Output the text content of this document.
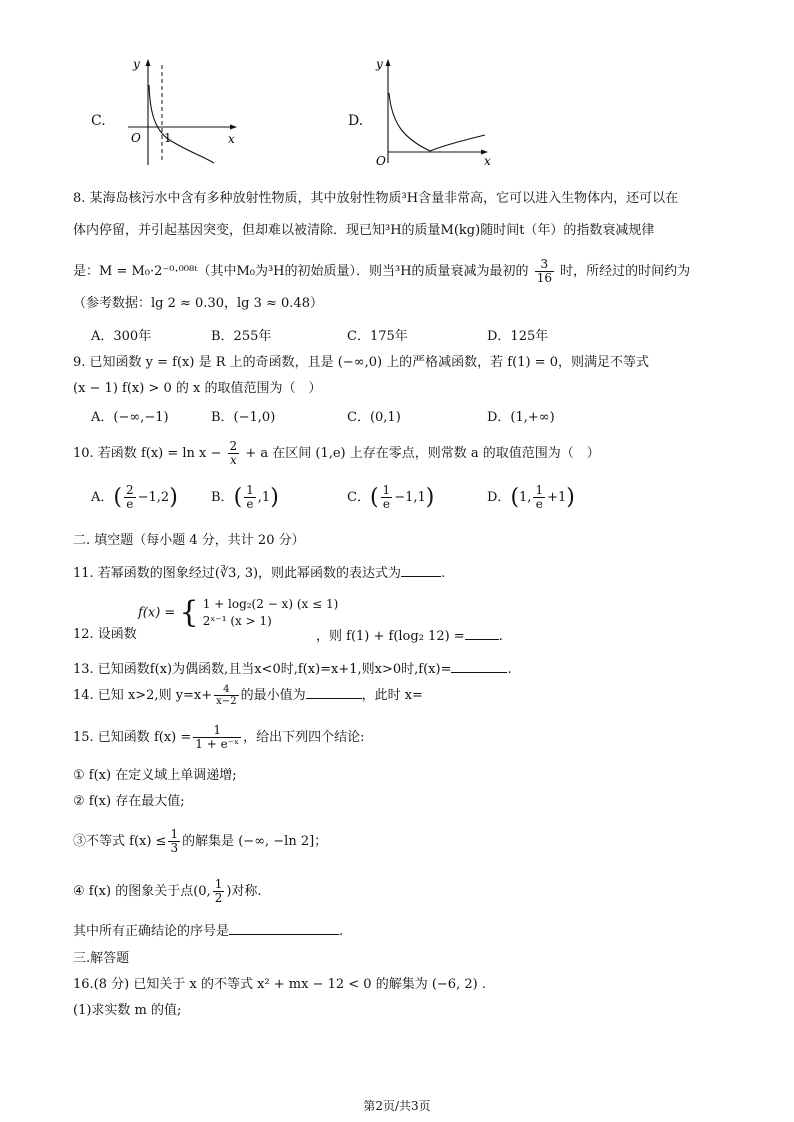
C.
y
x
O 1
D.
y
x
O
8. 某海岛核污水中含有多种放射性物质，其中放射性物质³H含量非常高，它可以进入生物体内，还可以在
体内停留，并引起基因突变，但却难以被清除．现已知³H的质量M(kg)随时间t（年）的指数衰减规律
是：M = M₀·2⁻⁰·⁰⁰⁸ᵗ（其中M₀为³H的初始质量）．则当³H的质量衰减为最初的 $\frac{3}{16}$ 时，所经过的时间约为
（参考数据：lg 2 ≈ 0.30，lg 3 ≈ 0.48）
A．300年	B．255年	C．175年	D．125年
9. 已知函数 y = f(x) 是 R 上的奇函数，且是 (−∞,0) 上的严格减函数，若 f(1) = 0，则满足不等式
(x − 1) f(x) > 0 的 x 的取值范围为（　）
A．(−∞,−1)	B．(−1,0)	C．(0,1)	D．(1,+∞)
10. 若函数 $f(x) = \ln x - \frac{2}{x} + a$ 在区间 (1,e) 上存在零点，则常数 a 的取值范围为（　）
A．( $\frac{2}{e} -1,2$)	B．( $\frac{1}{e} ,1$)	C．( $\frac{1}{e} -1,1$)	D．(1, $\frac{1}{e} +1$)
二. 填空题（每小题 4 分，共计 20 分）
11. 若幂函数的图象经过(∛3, 3)，则此幂函数的表达式为	.
f(x) = { 1 + log₂(2 − x) (x ≤ 1)
2ˣ⁻¹ (x > 1)
12. 设函数	，则 f(1) + f(log₂ 12) =	.
13. 已知函数f(x)为偶函数,且当x<0时,f(x)=x+1,则x>0时,f(x)=	.
14. 已知 x>2,则 $y=x+ \frac{4}{x-2}$ 的最小值为	，此时 x=
15. 已知函数 $f(x) = \frac{1}{\text{1 + e⁻ˣ}}$ ，给出下列四个结论:
① f(x) 在定义域上单调递增;
② f(x) 存在最大值;
③不等式 $f(x) \le \frac{1}{3}$ 的解集是 (−∞, −ln 2]；
④ f(x) 的图象关于点(0, $\frac{1}{2}$ )对称.
其中所有正确结论的序号是	.
三.解答题
16.(8 分) 已知关于 x 的不等式 x² + mx − 12 < 0 的解集为 (−6, 2) .
(1)求实数 m 的值;
第2页/共3页
